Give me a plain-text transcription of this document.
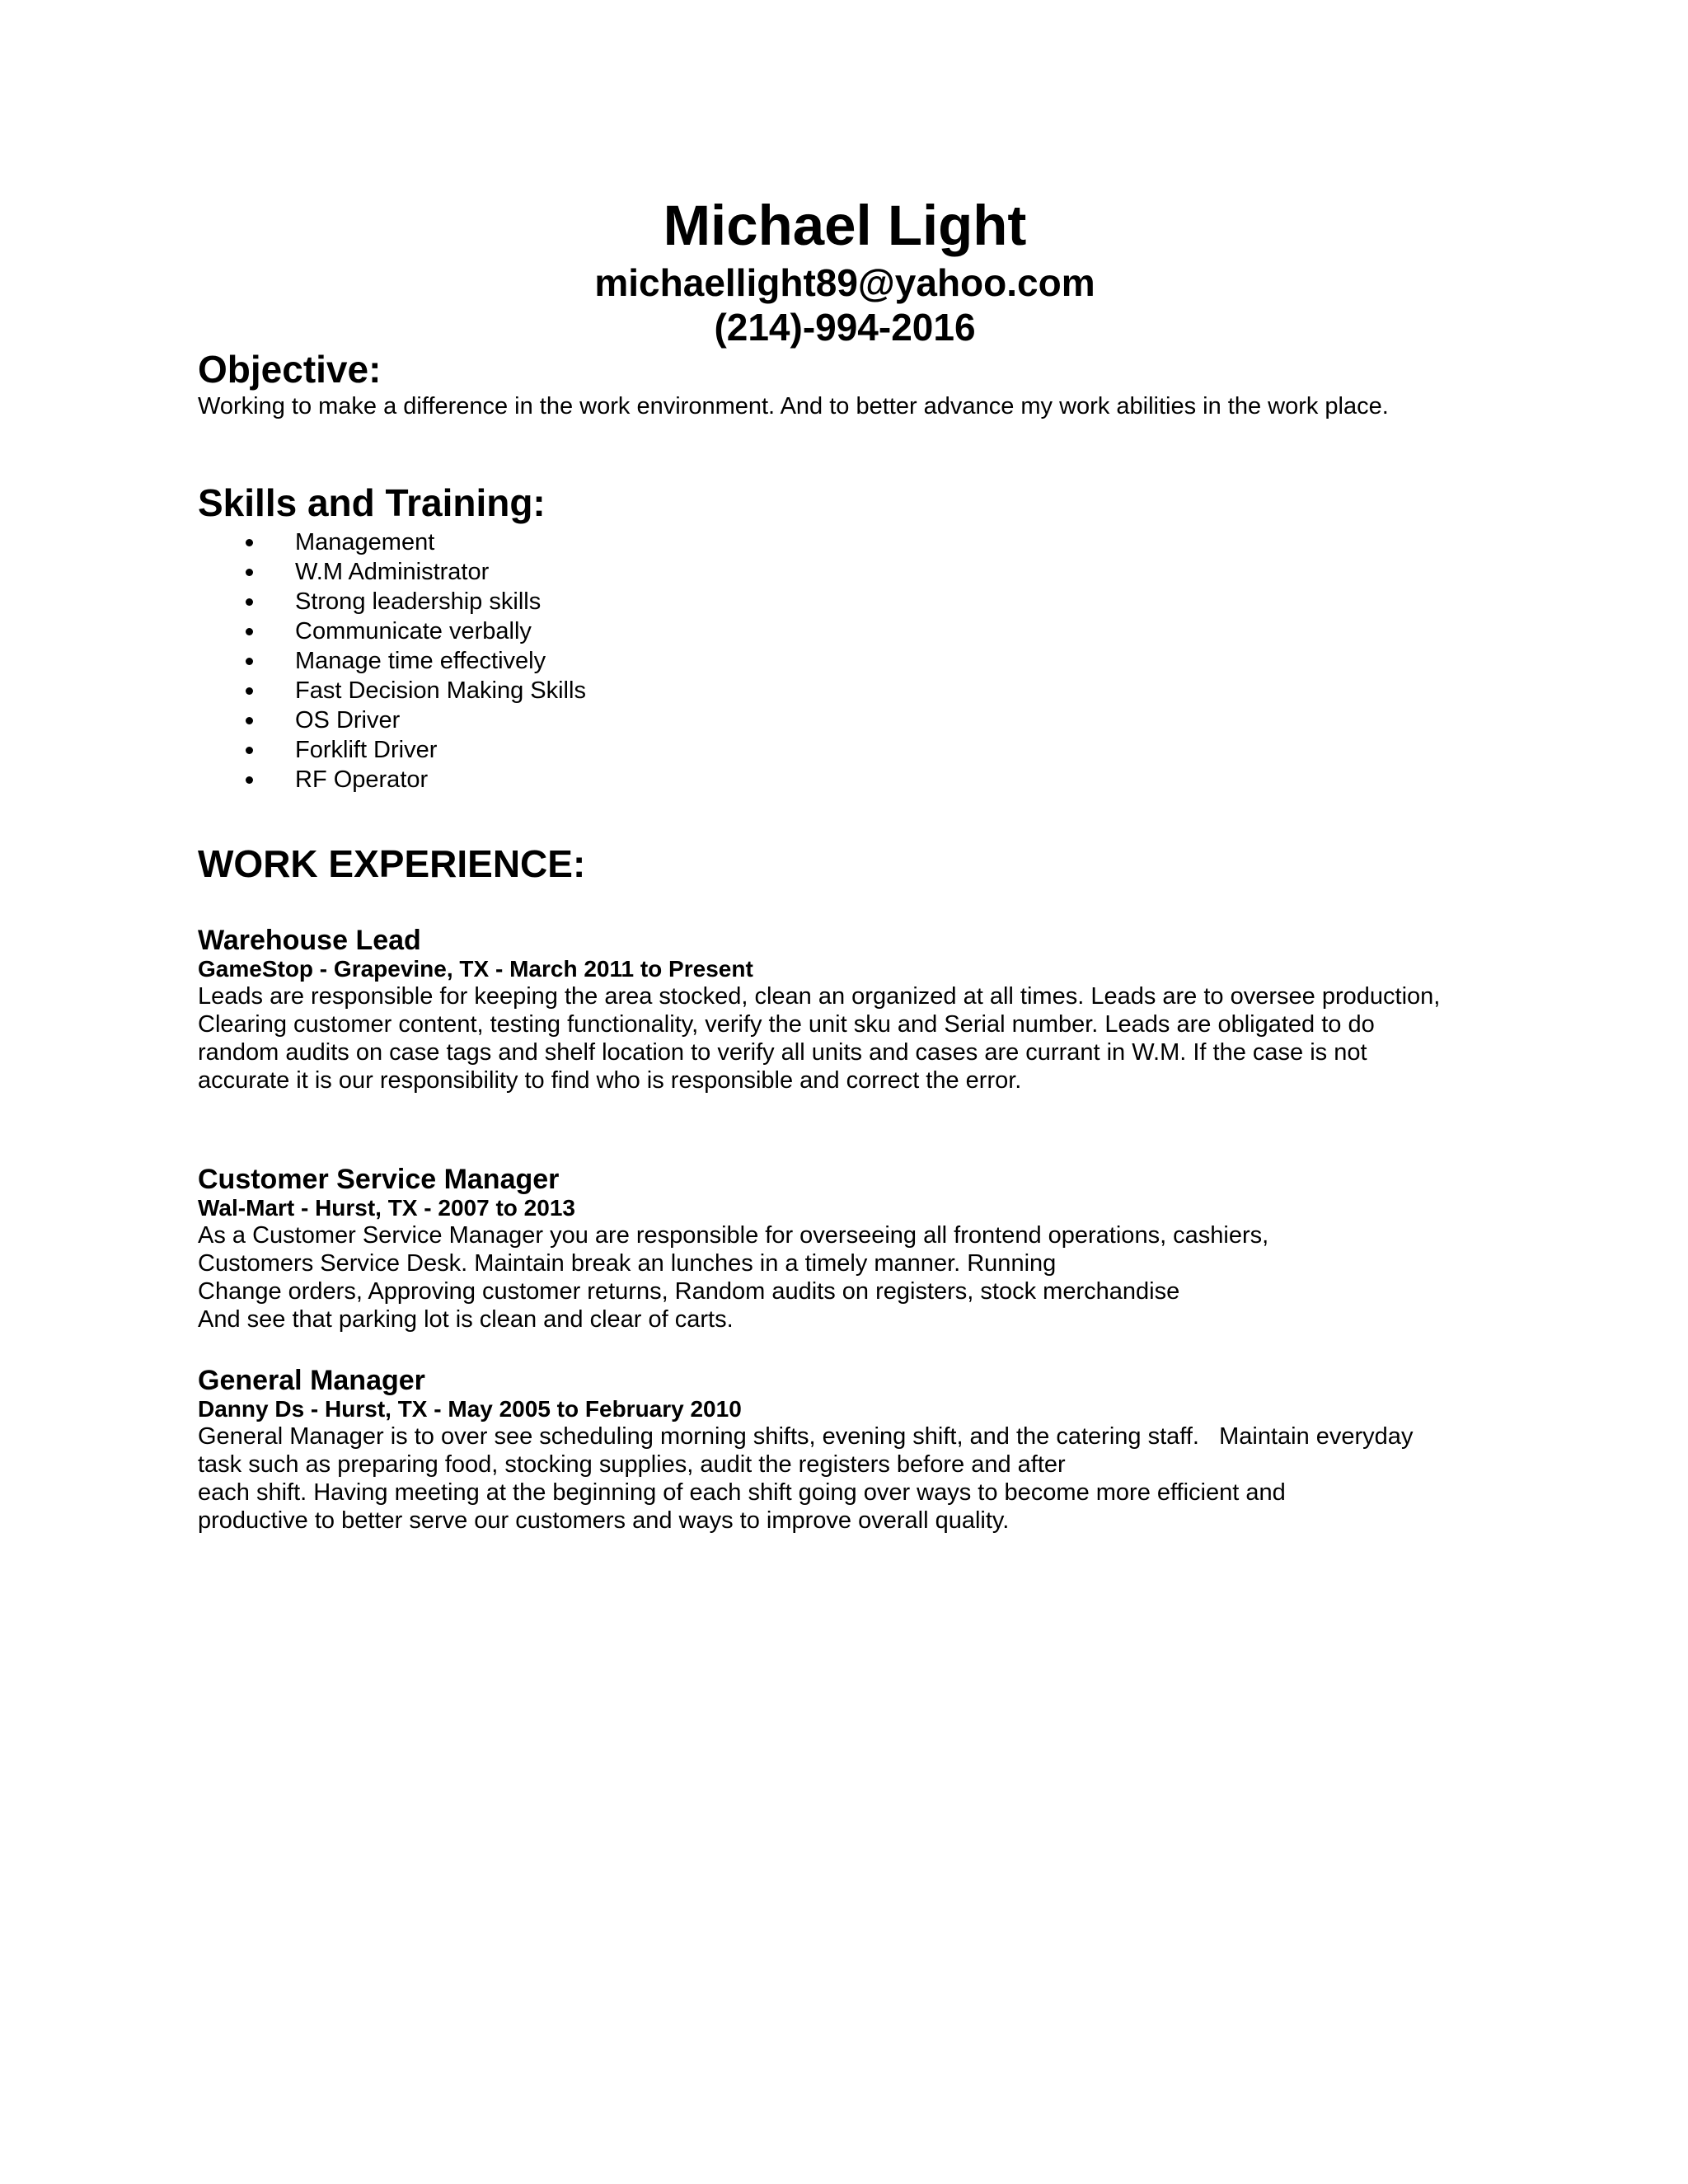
Michael Light

michaellight89@yahoo.com

(214)-994-2016

Objective:

Working to make a difference in the work environment. And to better advance my work abilities in the work place.

Skills and Training:
Management
W.M Administrator
Strong leadership skills
Communicate verbally
Manage time effectively
Fast Decision Making Skills
OS Driver
Forklift Driver
RF Operator
WORK EXPERIENCE:

Warehouse Lead

GameStop - Grapevine, TX - March 2011 to Present

Leads are responsible for keeping the area stocked, clean an organized at all times. Leads are to oversee production,
Clearing customer content, testing functionality, verify the unit sku and Serial number. Leads are obligated to do
random audits on case tags and shelf location to verify all units and cases are currant in W.M. If the case is not
accurate it is our responsibility to find who is responsible and correct the error.

Customer Service Manager

Wal-Mart - Hurst, TX - 2007 to 2013

As a Customer Service Manager you are responsible for overseeing all frontend operations, cashiers,
Customers Service Desk. Maintain break an lunches in a timely manner. Running
Change orders, Approving customer returns, Random audits on registers, stock merchandise
And see that parking lot is clean and clear of carts.

General Manager

Danny Ds - Hurst, TX - May 2005 to February 2010

General Manager is to over see scheduling morning shifts, evening shift, and the catering staff.   Maintain everyday
task such as preparing food, stocking supplies, audit the registers before and after
each shift. Having meeting at the beginning of each shift going over ways to become more efficient and
productive to better serve our customers and ways to improve overall quality.
